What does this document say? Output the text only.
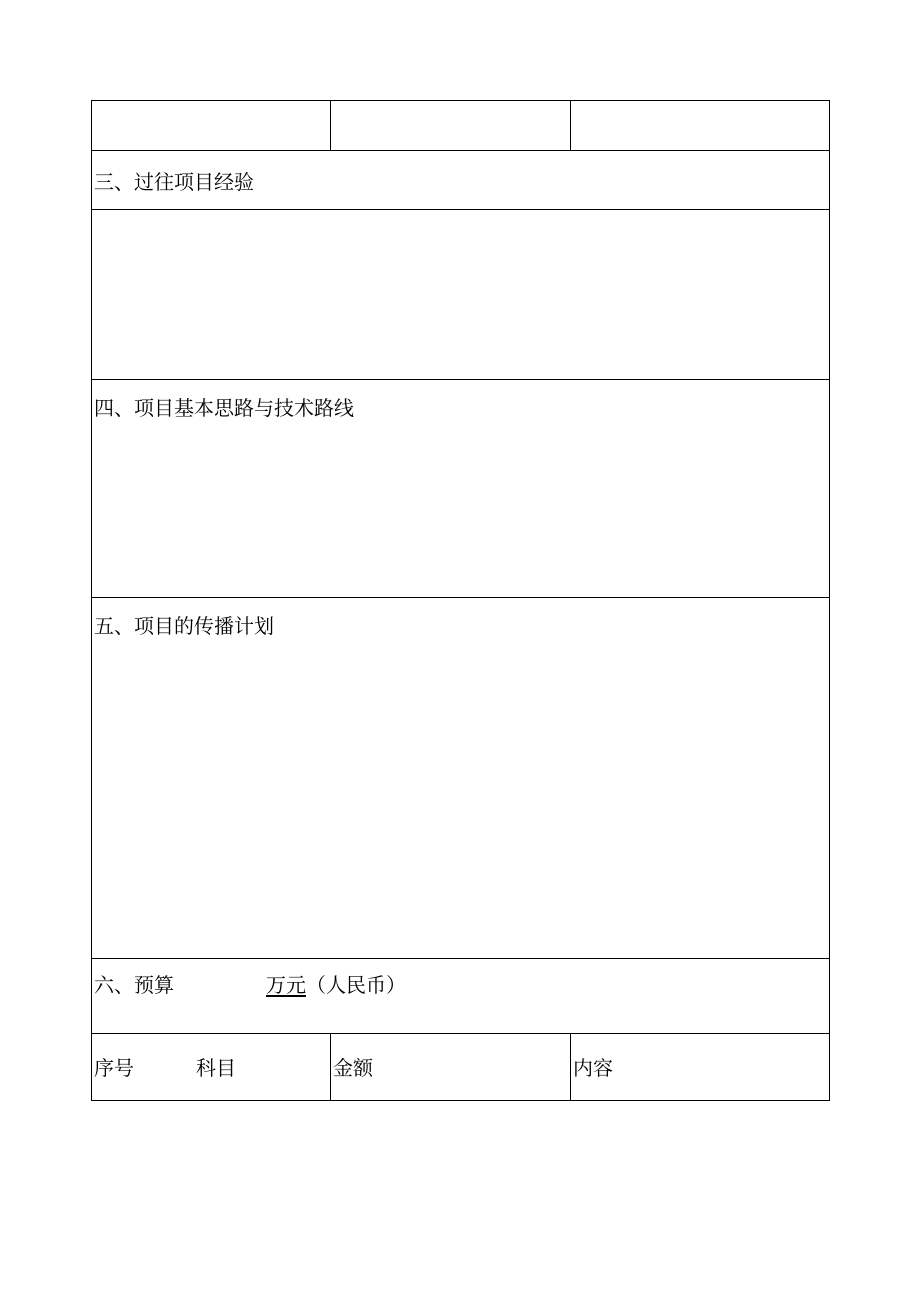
三、过往项目经验		

四、项目基本思路与技术路线		

五、项目的传播计划		

六、预算 万元（人民币）		

序号 科目	金额	内容
